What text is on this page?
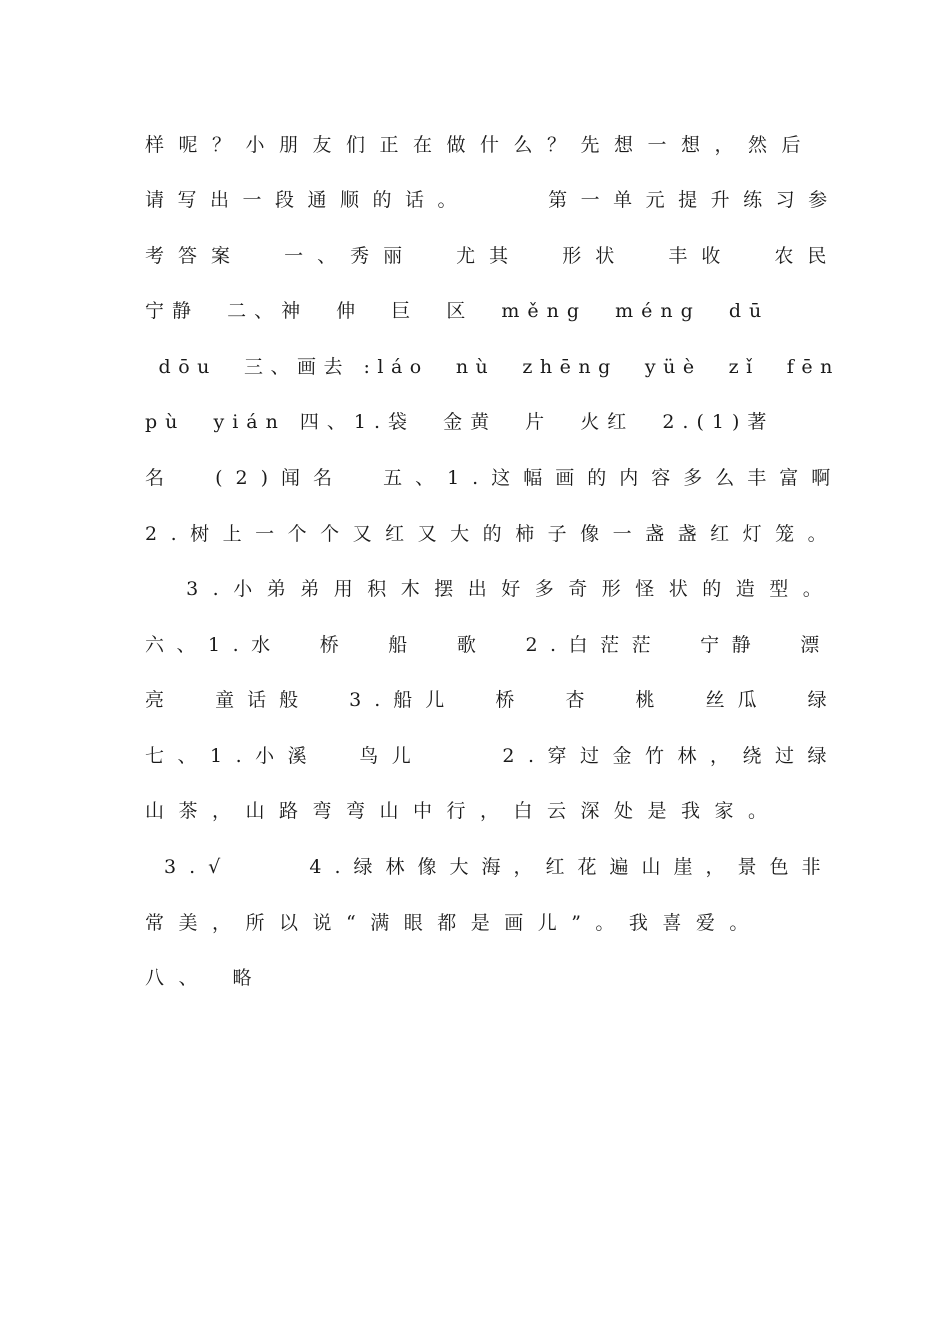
样呢？小朋友们正在做什么？先想一想，然后
请写出一段通顺的话。    第一单元提升练习参
考答案  一、秀丽  尤其  形状  丰收  农民
宁静  二、神  伸  巨  区  měng  méng  dū
dōu  三、画去 :láo  nù  zhēng  yüè  zǐ  fēn
pù  yián 四、1.袋  金黄  片  火红  2.(1)著
名  (2)闻名  五、1.这幅画的内容多么丰富啊
2.树上一个个又红又大的柿子像一盏盏红灯笼。
3.小弟弟用积木摆出好多奇形怪状的造型。
六、1.水  桥  船  歌  2.白茫茫  宁静  漂
亮  童话般  3.船儿  桥  杏  桃  丝瓜  绿
七、1.小溪  鸟儿    2.穿过金竹林，绕过绿
山茶，山路弯弯山中行，白云深处是我家。
3.√    4.绿林像大海，红花遍山崖，景色非
常美，所以说“满眼都是画儿”。我喜爱。
八、 略
